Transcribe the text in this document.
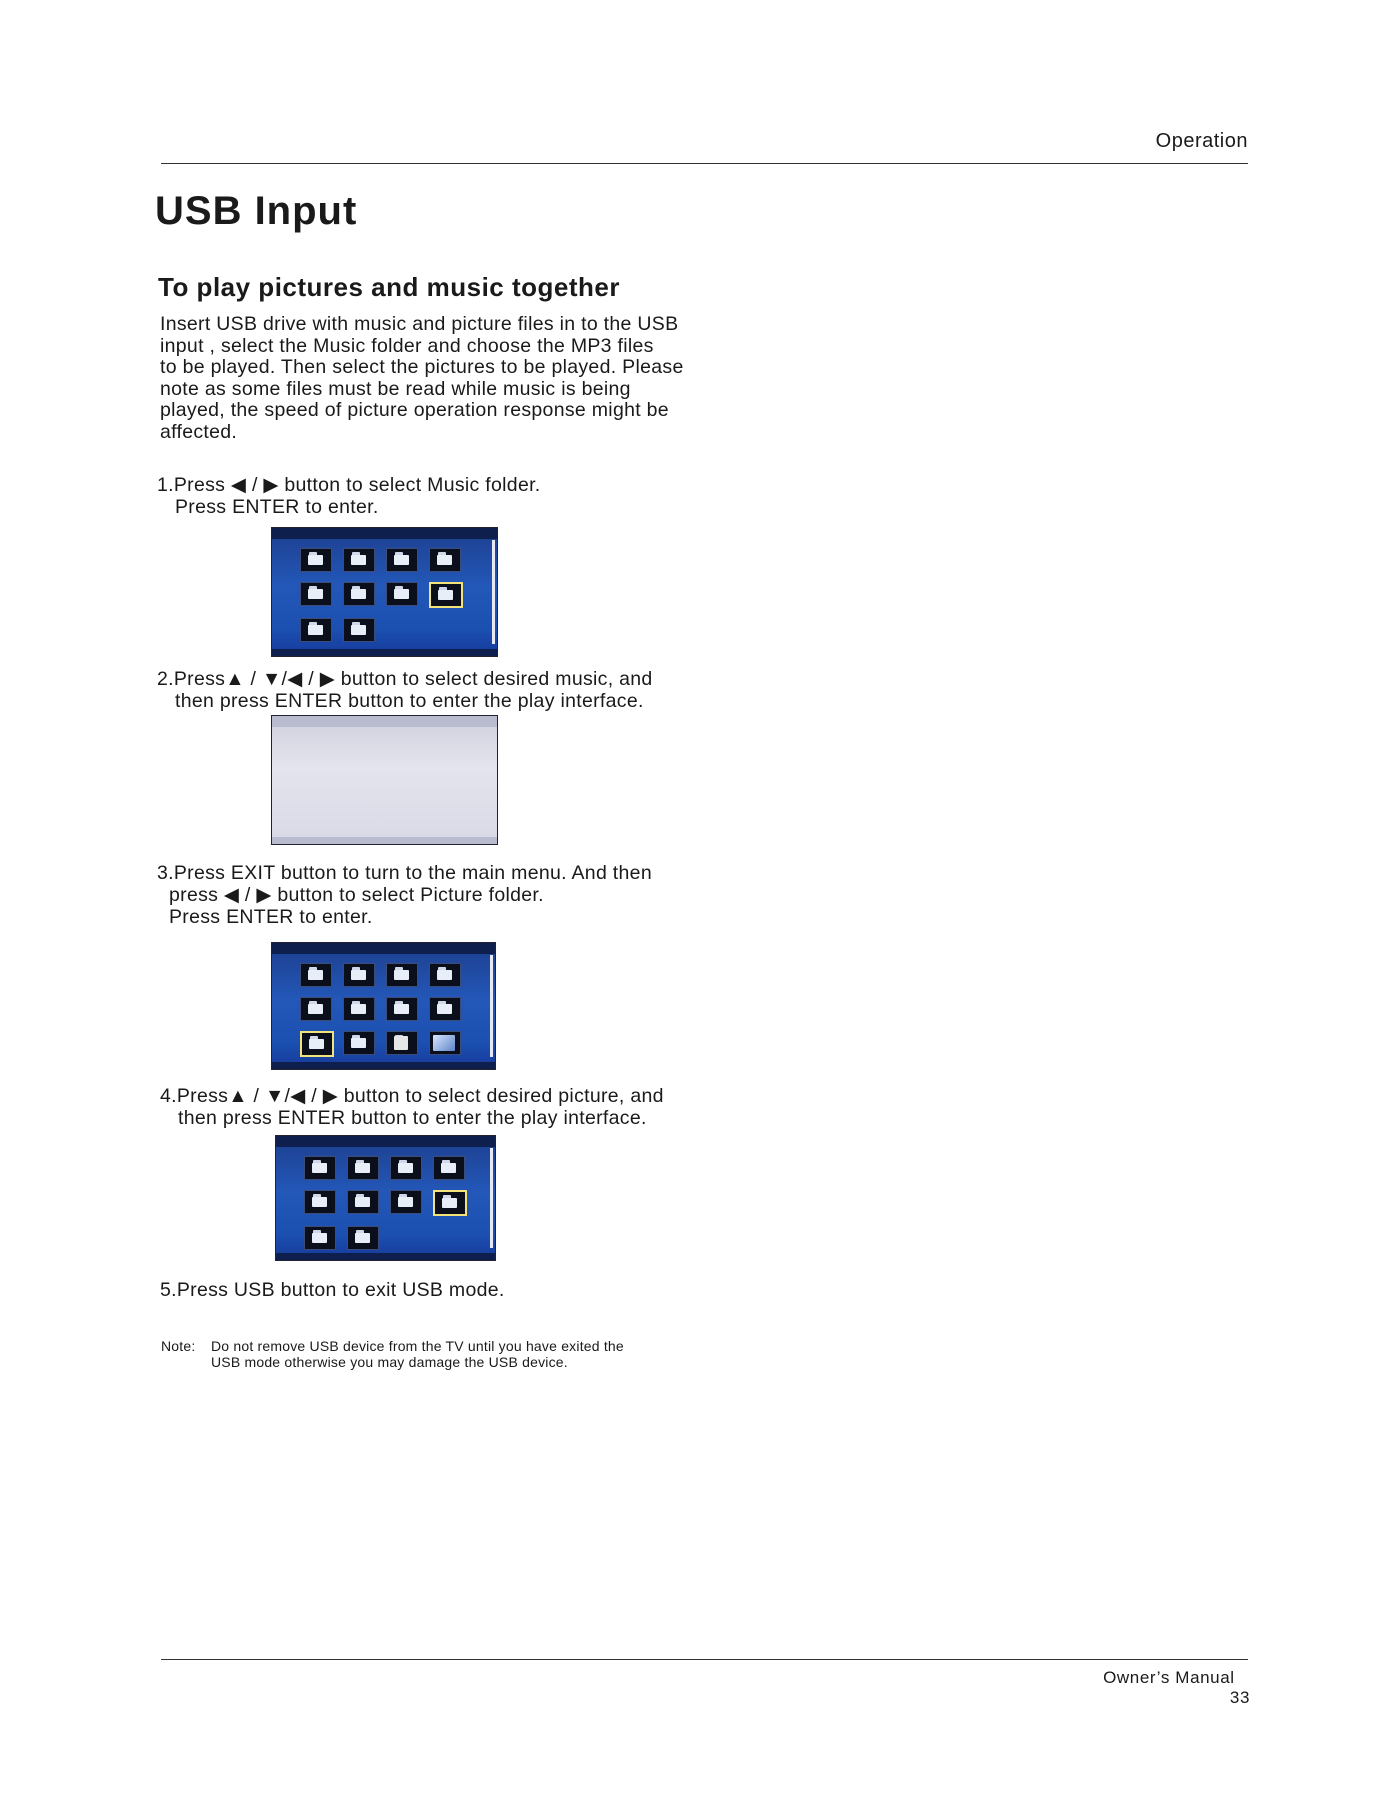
Operation
USB Input
To play pictures and music together
Insert USB drive with music and picture files in to the USB
input , select the Music folder and choose the MP3 files
to be played. Then select the pictures to be played. Please
note as some files must be read while music is being
played, the speed of picture operation response might be
affected.
1.Press ◀ / ▶ button to select Music folder.
Press ENTER to enter.
2.Press▲ / ▼/◀ / ▶ button to select desired music, and
then press ENTER button to enter the play interface.
3.Press EXIT button to turn to the main menu. And then
press ◀ / ▶ button to select Picture folder.
Press ENTER to enter.
4.Press▲ / ▼/◀ / ▶ button to select desired picture, and
then press ENTER button to enter the play interface.
5.Press USB button to exit USB mode.
Note: Do not remove USB device from the TV until you have exited the
USB mode otherwise you may damage the USB device.
Owner’s Manual  33
